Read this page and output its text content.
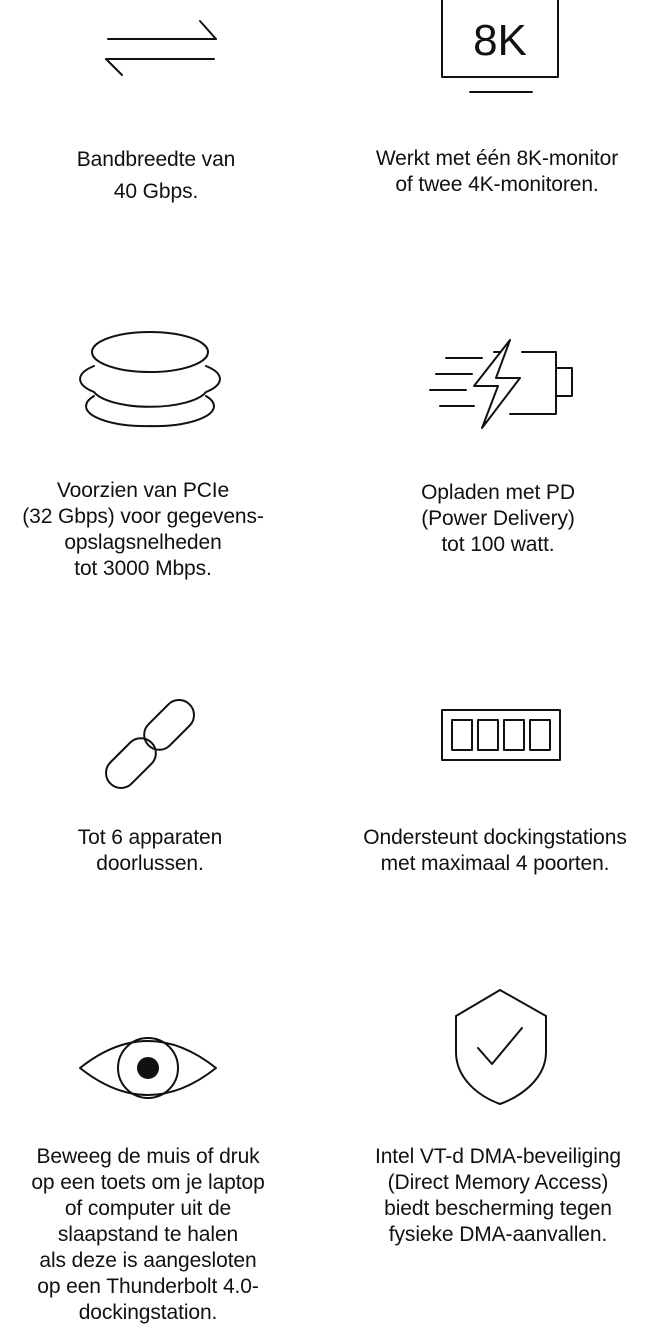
Bandbreedte van
40 Gbps.
8K
Werkt met één 8K-monitor
of twee 4K-monitoren.
Voorzien van PCIe
(32 Gbps) voor gegevens-
opslagsnelheden
tot 3000 Mbps.
Opladen met PD
(Power Delivery)
tot 100 watt.
Tot 6 apparaten
doorlussen.
Ondersteunt dockingstations
met maximaal 4 poorten.
Beweeg de muis of druk
op een toets om je laptop
of computer uit de
slaapstand te halen
als deze is aangesloten
op een Thunderbolt 4.0-
dockingstation.
Intel VT-d DMA-beveiliging
(Direct Memory Access)
biedt bescherming tegen
fysieke DMA-aanvallen.
